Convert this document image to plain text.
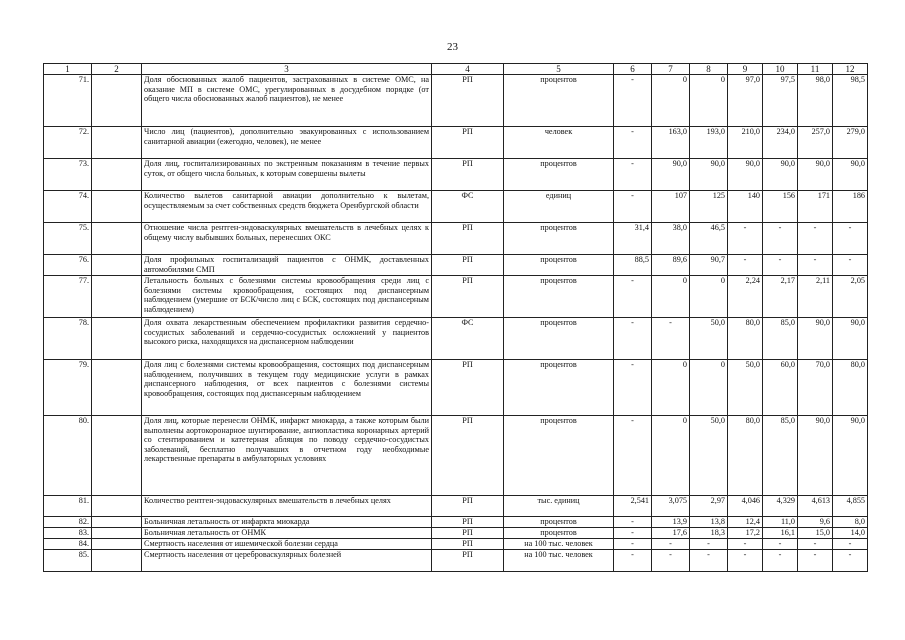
23
1	2	3	4	5	6	7	8	9	10	11	12
71.		Доля обоснованных жалоб пациентов, застрахованных в системе ОМС, на оказание МП в системе ОМС, урегулированных в досудебном порядке (от общего числа обоснованных жалоб пациентов), не менее	РП	процентов	-	0	0	97,0	97,5	98,0	98,5
72.		Число лиц (пациентов), дополнительно эвакуированных с использованием санитарной авиации (ежегодно, человек), не менее	РП	человек	-	163,0	193,0	210,0	234,0	257,0	279,0
73.		Доля лиц, госпитализированных по экстренным показаниям в течение первых суток, от общего числа больных, к которым совершены вылеты	РП	процентов	-	90,0	90,0	90,0	90,0	90,0	90,0
74.		Количество вылетов санитарной авиации дополнительно к вылетам, осуществляемым за счет собственных средств бюджета Оренбургской области	ФС	единиц	-	107	125	140	156	171	186
75.		Отношение числа рентген-эндоваскулярных вмешательств в лечебных целях к общему числу выбывших больных, перенесших ОКС	РП	процентов	31,4	38,0	46,5	-	-	-	-
76.		Доля профильных госпитализаций пациентов с ОНМК, доставленных автомобилями СМП	РП	процентов	88,5	89,6	90,7	-	-	-	-
77.		Летальность больных с болезнями системы кровообращения среди лиц с болезнями системы кровообращения, состоящих под диспансерным наблюдением (умершие от БСК/число лиц с БСК, состоящих под диспансерным наблюдением)	РП	процентов	-	0	0	2,24	2,17	2,11	2,05
78.		Доля охвата лекарственным обеспечением профилактики развития сердечно-сосудистых заболеваний и сердечно-сосудистых осложнений у пациентов высокого риска, находящихся на диспансерном наблюдении	ФС	процентов	-	-	50,0	80,0	85,0	90,0	90,0
79.		Доля лиц с болезнями системы кровообращения, состоящих под диспансерным наблюдением, получивших в текущем году медицинские услуги в рамках диспансерного наблюдения, от всех пациентов с болезнями системы кровообращения, состоящих под диспансерным наблюдением	РП	процентов	-	0	0	50,0	60,0	70,0	80,0
80.		Доля лиц, которые перенесли ОНМК, инфаркт миокарда, а также которым были выполнены аортокоронарное шунтирование, ангиопластика коронарных артерий со стентированием и катетерная абляция по поводу сердечно-сосудистых заболеваний, бесплатно получавших в отчетном году необходимые лекарственные препараты в амбулаторных условиях	РП	процентов	-	0	50,0	80,0	85,0	90,0	90,0
81.		Количество рентген-эндоваскулярных вмешательств в лечебных целях	РП	тыс. единиц	2,541	3,075	2,97	4,046	4,329	4,613	4,855
82.		Больничная летальность от инфаркта миокарда	РП	процентов	-	13,9	13,8	12,4	11,0	9,6	8,0
83.		Больничная летальность от ОНМК	РП	процентов	-	17,6	18,3	17,2	16,1	15,0	14,0
84.		Смертность населения от ишемической болезни сердца	РП	на 100 тыс. человек	-	-	-	-	-	-	-
85.		Смертность населения от цереброваскулярных болезней	РП	на 100 тыс. человек	-	-	-	-	-	-	-
